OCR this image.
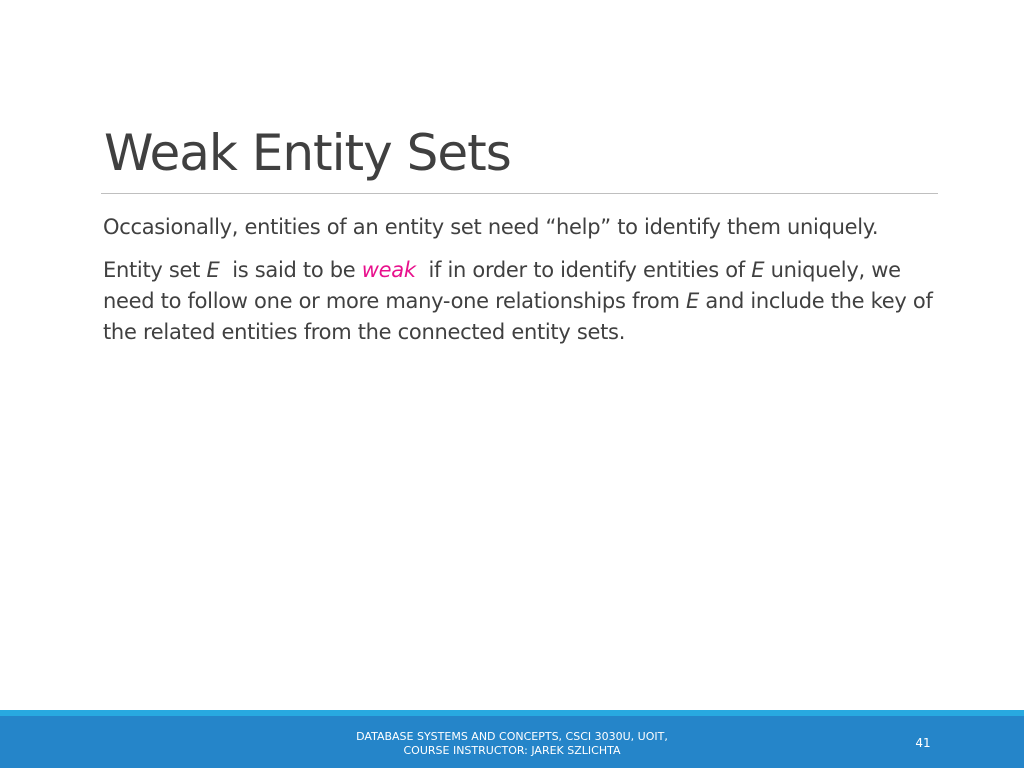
Weak Entity Sets

Occasionally, entities of an entity set need “help” to identify them uniquely.

Entity set E  is said to be weak  if in order to identify entities of E uniquely, we need to follow one or more many-one relationships from E and include the key of the related entities from the connected entity sets.

DATABASE SYSTEMS AND CONCEPTS, CSCI 3030U, UOIT,
COURSE INSTRUCTOR: JAREK SZLICHTA
41
